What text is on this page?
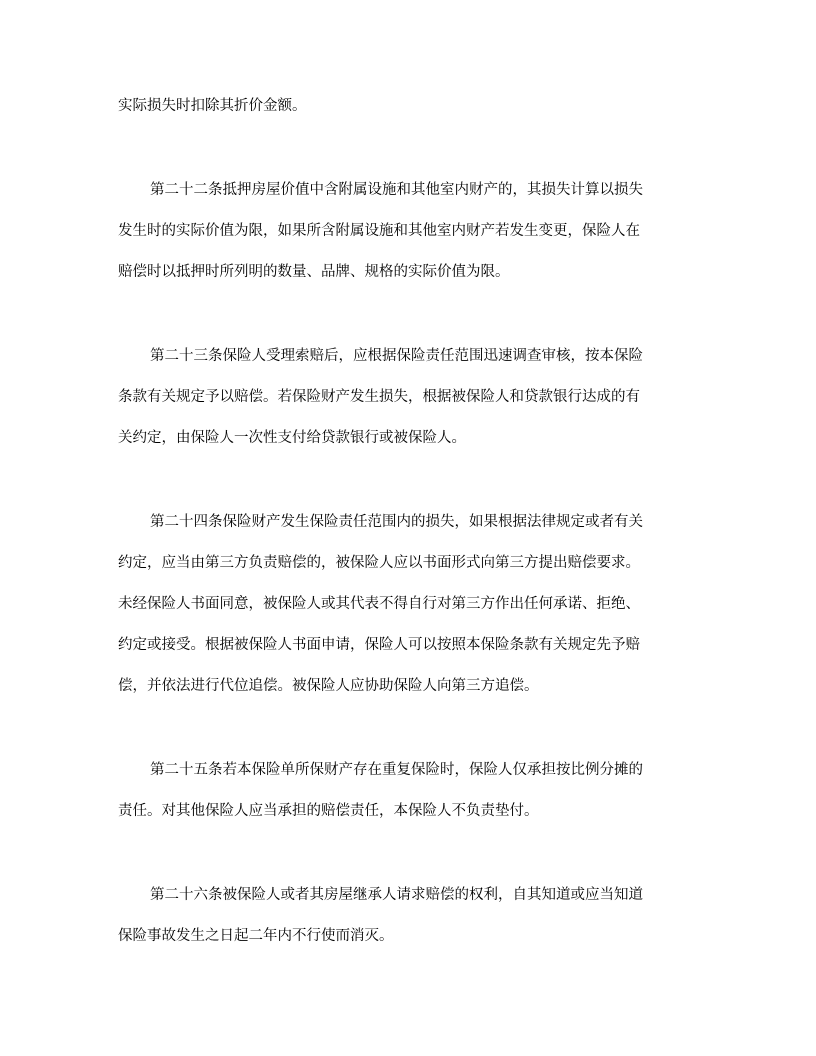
实际损失时扣除其折价金额。
第二十二条抵押房屋价值中含附属设施和其他室内财产的，其损失计算以损失
发生时的实际价值为限，如果所含附属设施和其他室内财产若发生变更，保险人在
赔偿时以抵押时所列明的数量、品牌、规格的实际价值为限。
第二十三条保险人受理索赔后，应根据保险责任范围迅速调查审核，按本保险
条款有关规定予以赔偿。若保险财产发生损失，根据被保险人和贷款银行达成的有
关约定，由保险人一次性支付给贷款银行或被保险人。
第二十四条保险财产发生保险责任范围内的损失，如果根据法律规定或者有关
约定，应当由第三方负责赔偿的，被保险人应以书面形式向第三方提出赔偿要求。
未经保险人书面同意，被保险人或其代表不得自行对第三方作出任何承诺、拒绝、
约定或接受。根据被保险人书面申请，保险人可以按照本保险条款有关规定先予赔
偿，并依法进行代位追偿。被保险人应协助保险人向第三方追偿。
第二十五条若本保险单所保财产存在重复保险时，保险人仅承担按比例分摊的
责任。对其他保险人应当承担的赔偿责任，本保险人不负责垫付。
第二十六条被保险人或者其房屋继承人请求赔偿的权利，自其知道或应当知道
保险事故发生之日起二年内不行使而消灭。
